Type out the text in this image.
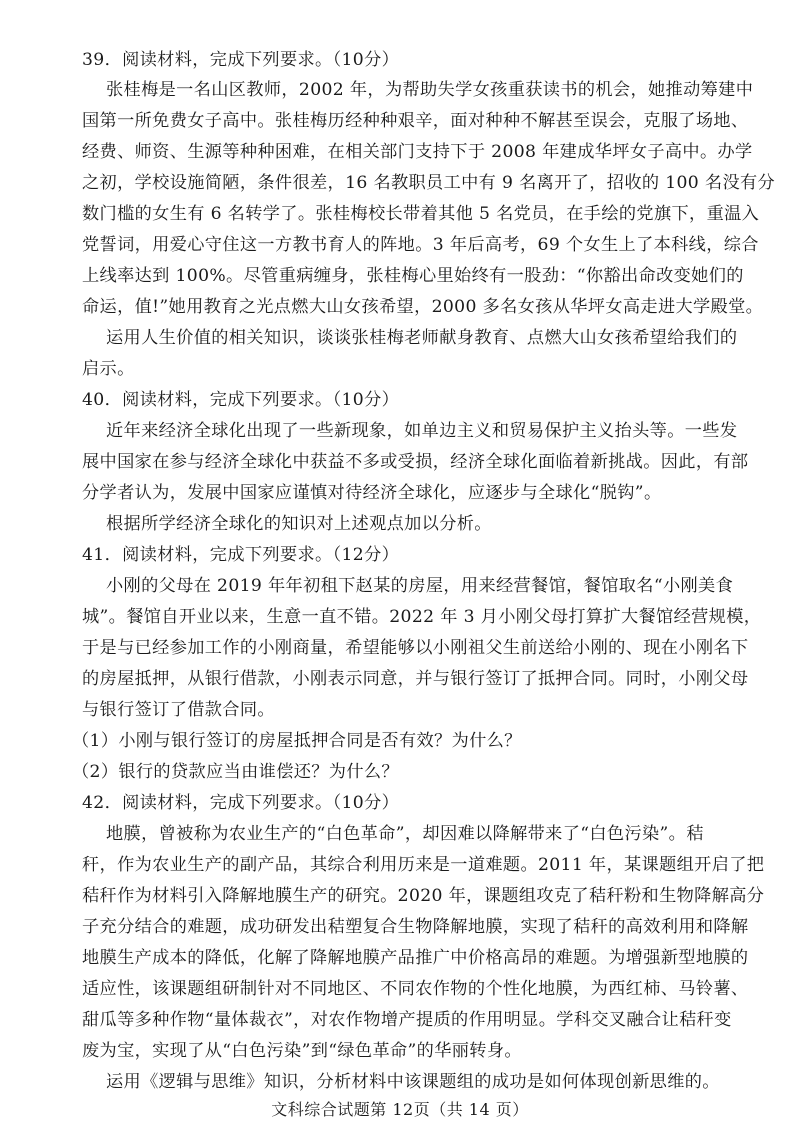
39．阅读材料，完成下列要求。（10分）
张桂梅是一名山区教师，2002 年，为帮助失学女孩重获读书的机会，她推动筹建中
国第一所免费女子高中。张桂梅历经种种艰辛，面对种种不解甚至误会，克服了场地、
经费、师资、生源等种种困难，在相关部门支持下于 2008 年建成华坪女子高中。办学
之初，学校设施简陋，条件很差，16 名教职员工中有 9 名离开了，招收的 100 名没有分
数门槛的女生有 6 名转学了。张桂梅校长带着其他 5 名党员，在手绘的党旗下，重温入
党誓词，用爱心守住这一方教书育人的阵地。3 年后高考，69 个女生上了本科线，综合
上线率达到 100%。尽管重病缠身，张桂梅心里始终有一股劲：“你豁出命改变她们的
命运，值!”她用教育之光点燃大山女孩希望，2000 多名女孩从华坪女高走进大学殿堂。
运用人生价值的相关知识，谈谈张桂梅老师献身教育、点燃大山女孩希望给我们的
启示。
40．阅读材料，完成下列要求。（10分）
近年来经济全球化出现了一些新现象，如单边主义和贸易保护主义抬头等。一些发
展中国家在参与经济全球化中获益不多或受损，经济全球化面临着新挑战。因此，有部
分学者认为，发展中国家应谨慎对待经济全球化，应逐步与全球化“脱钩”。
根据所学经济全球化的知识对上述观点加以分析。
41．阅读材料，完成下列要求。（12分）
小刚的父母在 2019 年年初租下赵某的房屋，用来经营餐馆，餐馆取名“小刚美食
城”。餐馆自开业以来，生意一直不错。2022 年 3 月小刚父母打算扩大餐馆经营规模，
于是与已经参加工作的小刚商量，希望能够以小刚祖父生前送给小刚的、现在小刚名下
的房屋抵押，从银行借款，小刚表示同意，并与银行签订了抵押合同。同时，小刚父母
与银行签订了借款合同。
（1）小刚与银行签订的房屋抵押合同是否有效？为什么？
（2）银行的贷款应当由谁偿还？为什么？
42．阅读材料，完成下列要求。（10分）
地膜，曾被称为农业生产的“白色革命”，却因难以降解带来了“白色污染”。秸
秆，作为农业生产的副产品，其综合利用历来是一道难题。2011 年，某课题组开启了把
秸秆作为材料引入降解地膜生产的研究。2020 年，课题组攻克了秸秆粉和生物降解高分
子充分结合的难题，成功研发出秸塑复合生物降解地膜，实现了秸秆的高效利用和降解
地膜生产成本的降低，化解了降解地膜产品推广中价格高昂的难题。为增强新型地膜的
适应性，该课题组研制针对不同地区、不同农作物的个性化地膜，为西红柿、马铃薯、
甜瓜等多种作物“量体裁衣”，对农作物增产提质的作用明显。学科交叉融合让秸秆变
废为宝，实现了从“白色污染”到“绿色革命”的华丽转身。
运用《逻辑与思维》知识，分析材料中该课题组的成功是如何体现创新思维的。
文科综合试题第 12页（共 14 页）
